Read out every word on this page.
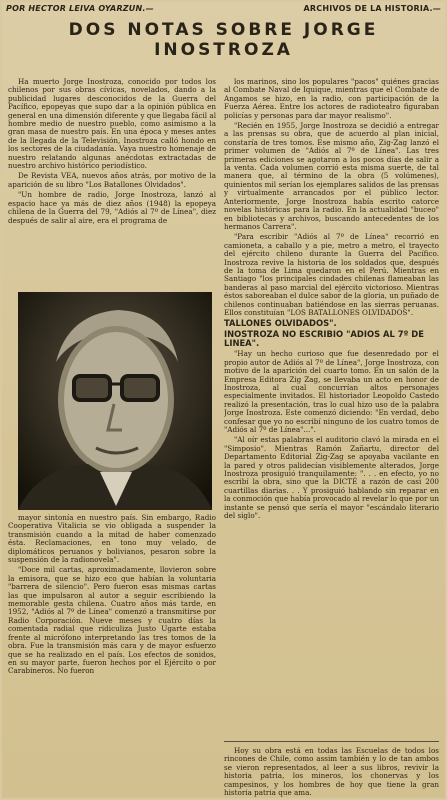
POR HECTOR LEIVA OYARZUN.—	ARCHIVOS DE LA HISTORIA.—
DOS NOTAS SOBRE JORGE INOSTROZA

Ha muerto Jorge Inostroza, conocido por todos los chilenos por sus obras cívicas, novelados, dando a la publicidad lugares desconocidos de la Guerra del Pacífico, epopeyas que supo dar a la opinión pública en general en una dimensión diferente y que llegaba fácil al hombre medio de nuestro pueblo, como asimismo a la gran masa de nuestro país. En una época y meses antes de la llegada de la Televisión, Inostroza calló hondo en los sectores de la ciudadanía. Vaya nuestro homenaje de nuestro relatando algunas anécdotas extractadas de nuestro archivo histórico periodístico.

De Revista VEA, nuevos años atrás, por motivo de la aparición de su libro "Los Batallones Olvidados".

"Un hombre de radio, Jorge Inostroza, lanzó al espacio hace ya más de diez años (1948) la epopeya chilena de la Guerra del 79, "Adiós al 7º de Línea", diez después de salir al aire, era el programa de

mayor sintonía en nuestro país. Sin embargo, Radio Cooperativa Vitalicia se vio obligada a suspender la transmisión cuando a la mitad de haber comenzado ésta. Reclamaciones, en tono muy velado, de diplomáticos peruanos y bolivianos, pesaron sobre la suspensión de la radionovela".

"Doce mil cartas, aproximadamente, llovieron sobre la emisora, que se hizo eco que habían la voluntaria "barrera de silencio". Pero fueron esas mismas cartas las que impulsaron al autor a seguir escribiendo la memorable gesta chilena. Cuatro años más tarde, en 1952, "Adiós al 7º de Línea" comenzó a transmitirse por Radio Corporación. Nueve meses y cuatro días la comentada radial que ridiculiza Justo Ugarte estaba frente al micrófono interpretando las tres tomos de la obra. Fue la transmisión más cara y de mayor esfuerzo que se ha realizado en el país. Los efectos de sonidos, en su mayor parte, fueron hechos por el Ejército o por Carabineros. No fueron

los marinos, sino los populares "pacos" quiénes gracias al Combate Naval de Iquique, mientras que el Combate de Angamos se hizo, en la radio, con participación de la Fuerza Aérea. Entre los actores de radioteatro figuraban policías y personas para dar mayor realismo".

"Recién en 1955, Jorge Inostroza se decidió a entregar a las prensas su obra, que de acuerdo al plan inicial, constaría de tres tomos. Ese mismo año, Zig-Zag lanzó el primer volumen de "Adiós al 7º de Línea". Las tres primeras ediciones se agotaron a los pocos días de salir a la venta. Cada volumen corrió esta misma suerte, de tal manera que, al término de la obra (5 volúmenes), quinientos mil serían los ejemplares salidos de las prensas y virtualmente arrancados por el público lector. Anteriormente, Jorge Inostroza había escrito catorce novelas históricas para la radio. En la actualidad "buceo" en bibliotecas y archivos, buscando antecedentes de los hermanos Carrera".

"Para escribir "Adiós al 7º de Línea" recorrió en camioneta, a caballo y a pie, metro a metro, el trayecto del ejército chileno durante la Guerra del Pacífico. Inostroza revive la historia de los soldados que, después de la toma de Lima quedaron en el Perú. Mientras en Santiago "los principales cindades chilenas flameaban las banderas al paso marcial del ejército victorioso. Mientras éstos saboreaban el dulce sabor de la gloria, un puñado de chilenos continuaban batiéndose en las sierras peruanas. Ellos constituían "LOS BATALLONES OLVIDADOS".

TALLONES OLVIDADOS".
INOSTROZA NO ESCRIBIO "ADIOS AL 7º DE LINEA".

"Hay un hecho curioso que fue desenredado por el propio autor de Adiós al 7º de Línea", Jorge Inostroza, con motivo de la aparición del cuarto tomo. En un salón de la Empresa Editora Zig Zag, se llevaba un acto en honor de Inostroza, al cual concurrían altos personajes especialmente invitados. El historiador Leopoldo Castedo realizó la presentación, tras lo cual hizo uso de la palabra Jorge Inostroza. Este comenzó diciendo: "En verdad, debo confesar que yo no escribí ninguno de los cuatro tomos de "Adiós al 7º de Línea"...".

"Al oír estas palabras el auditorio clavó la mirada en el "Simposio". Mientras Ramón Zañartu, director del Departamento Editorial Zig-Zag se apoyaba vacilante en la pared y otros palidecían visiblemente alterados, Jorge Inostroza prosiguió tranquilamente: ". . . en efecto, yo no escribí la obra, sino que la DICTÉ a razón de casi 200 cuartillas diarias. . . Y prosiguió hablando sin reparar en la conmoción que había provocado al revelar lo que por un instante se pensó que sería el mayor "escándalo literario del siglo".

Hoy su obra está en todas las Escuelas de todos los rincones de Chile, como assim también y lo de tan ambos se vieron representados, al leer a sus libros, revivir la historia patria, los mineros, los chonervas y los campesinos, y los hombres de hoy que tiene la gran historia patria que ama.
